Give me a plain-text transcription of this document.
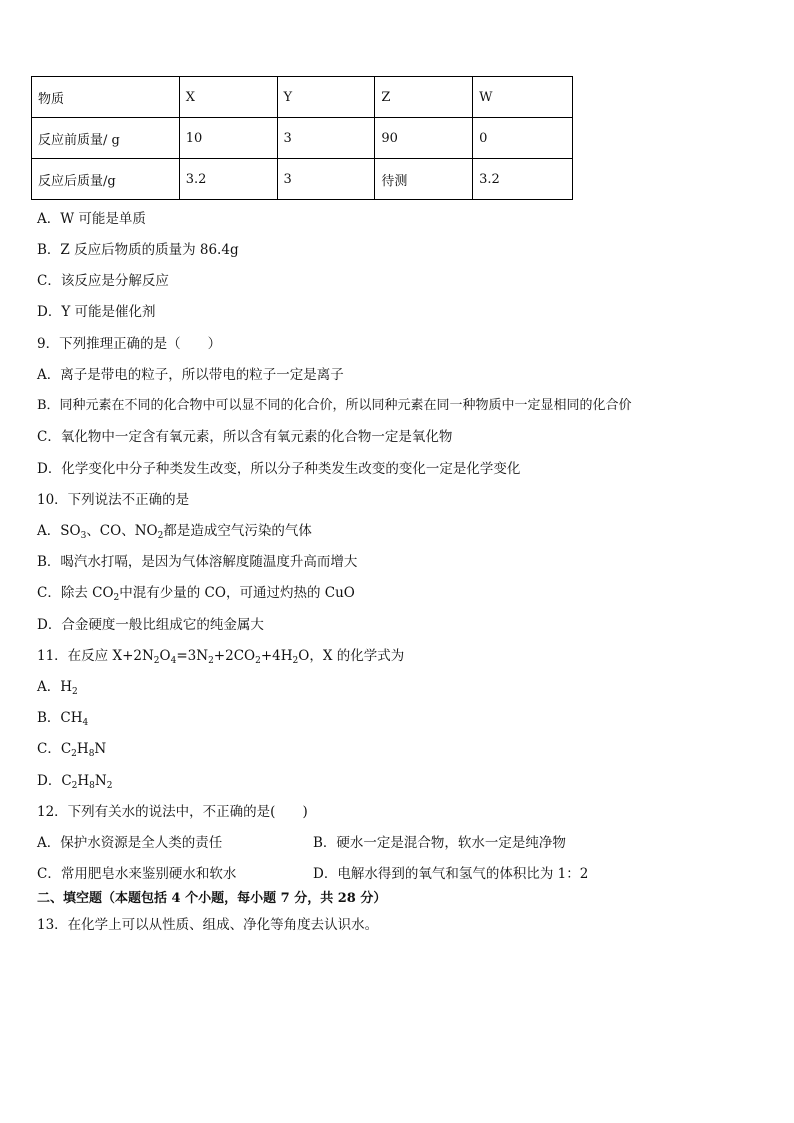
物质	X	Y	Z	W
反应前质量/ g	10	3	90	0
反应后质量/g	3.2	3	待测	3.2
A．W 可能是单质
B．Z 反应后物质的质量为 86.4g
C．该反应是分解反应
D．Y 可能是催化剂
9．下列推理正确的是（　　）
A．离子是带电的粒子，所以带电的粒子一定是离子
B．同种元素在不同的化合物中可以显不同的化合价，所以同种元素在同一种物质中一定显相同的化合价
C．氧化物中一定含有氧元素，所以含有氧元素的化合物一定是氧化物
D．化学变化中分子种类发生改变，所以分子种类发生改变的变化一定是化学变化
10．下列说法不正确的是
A．$SO_3$、CO、$NO_2$都是造成空气污染的气体
B．喝汽水打嗝，是因为气体溶解度随温度升高而增大
C．除去 $CO_2$中混有少量的 CO，可通过灼热的 CuO
D．合金硬度一般比组成它的纯金属大
11．在反应 $X+2N_2O_4=3N_2+2CO_2+4H_2O$，X 的化学式为
A．$H_2$
B．$CH_4$
C．$C_2H_8N$
D．$C_2H_8N_2$
12．下列有关水的说法中，不正确的是(　　)
A．保护水资源是全人类的责任	B．硬水一定是混合物，软水一定是纯净物
C．常用肥皂水来鉴别硬水和软水	D．电解水得到的氧气和氢气的体积比为 1：2
二、填空题（本题包括 4 个小题，每小题 7 分，共 28 分）
13．在化学上可以从性质、组成、净化等角度去认识水。
